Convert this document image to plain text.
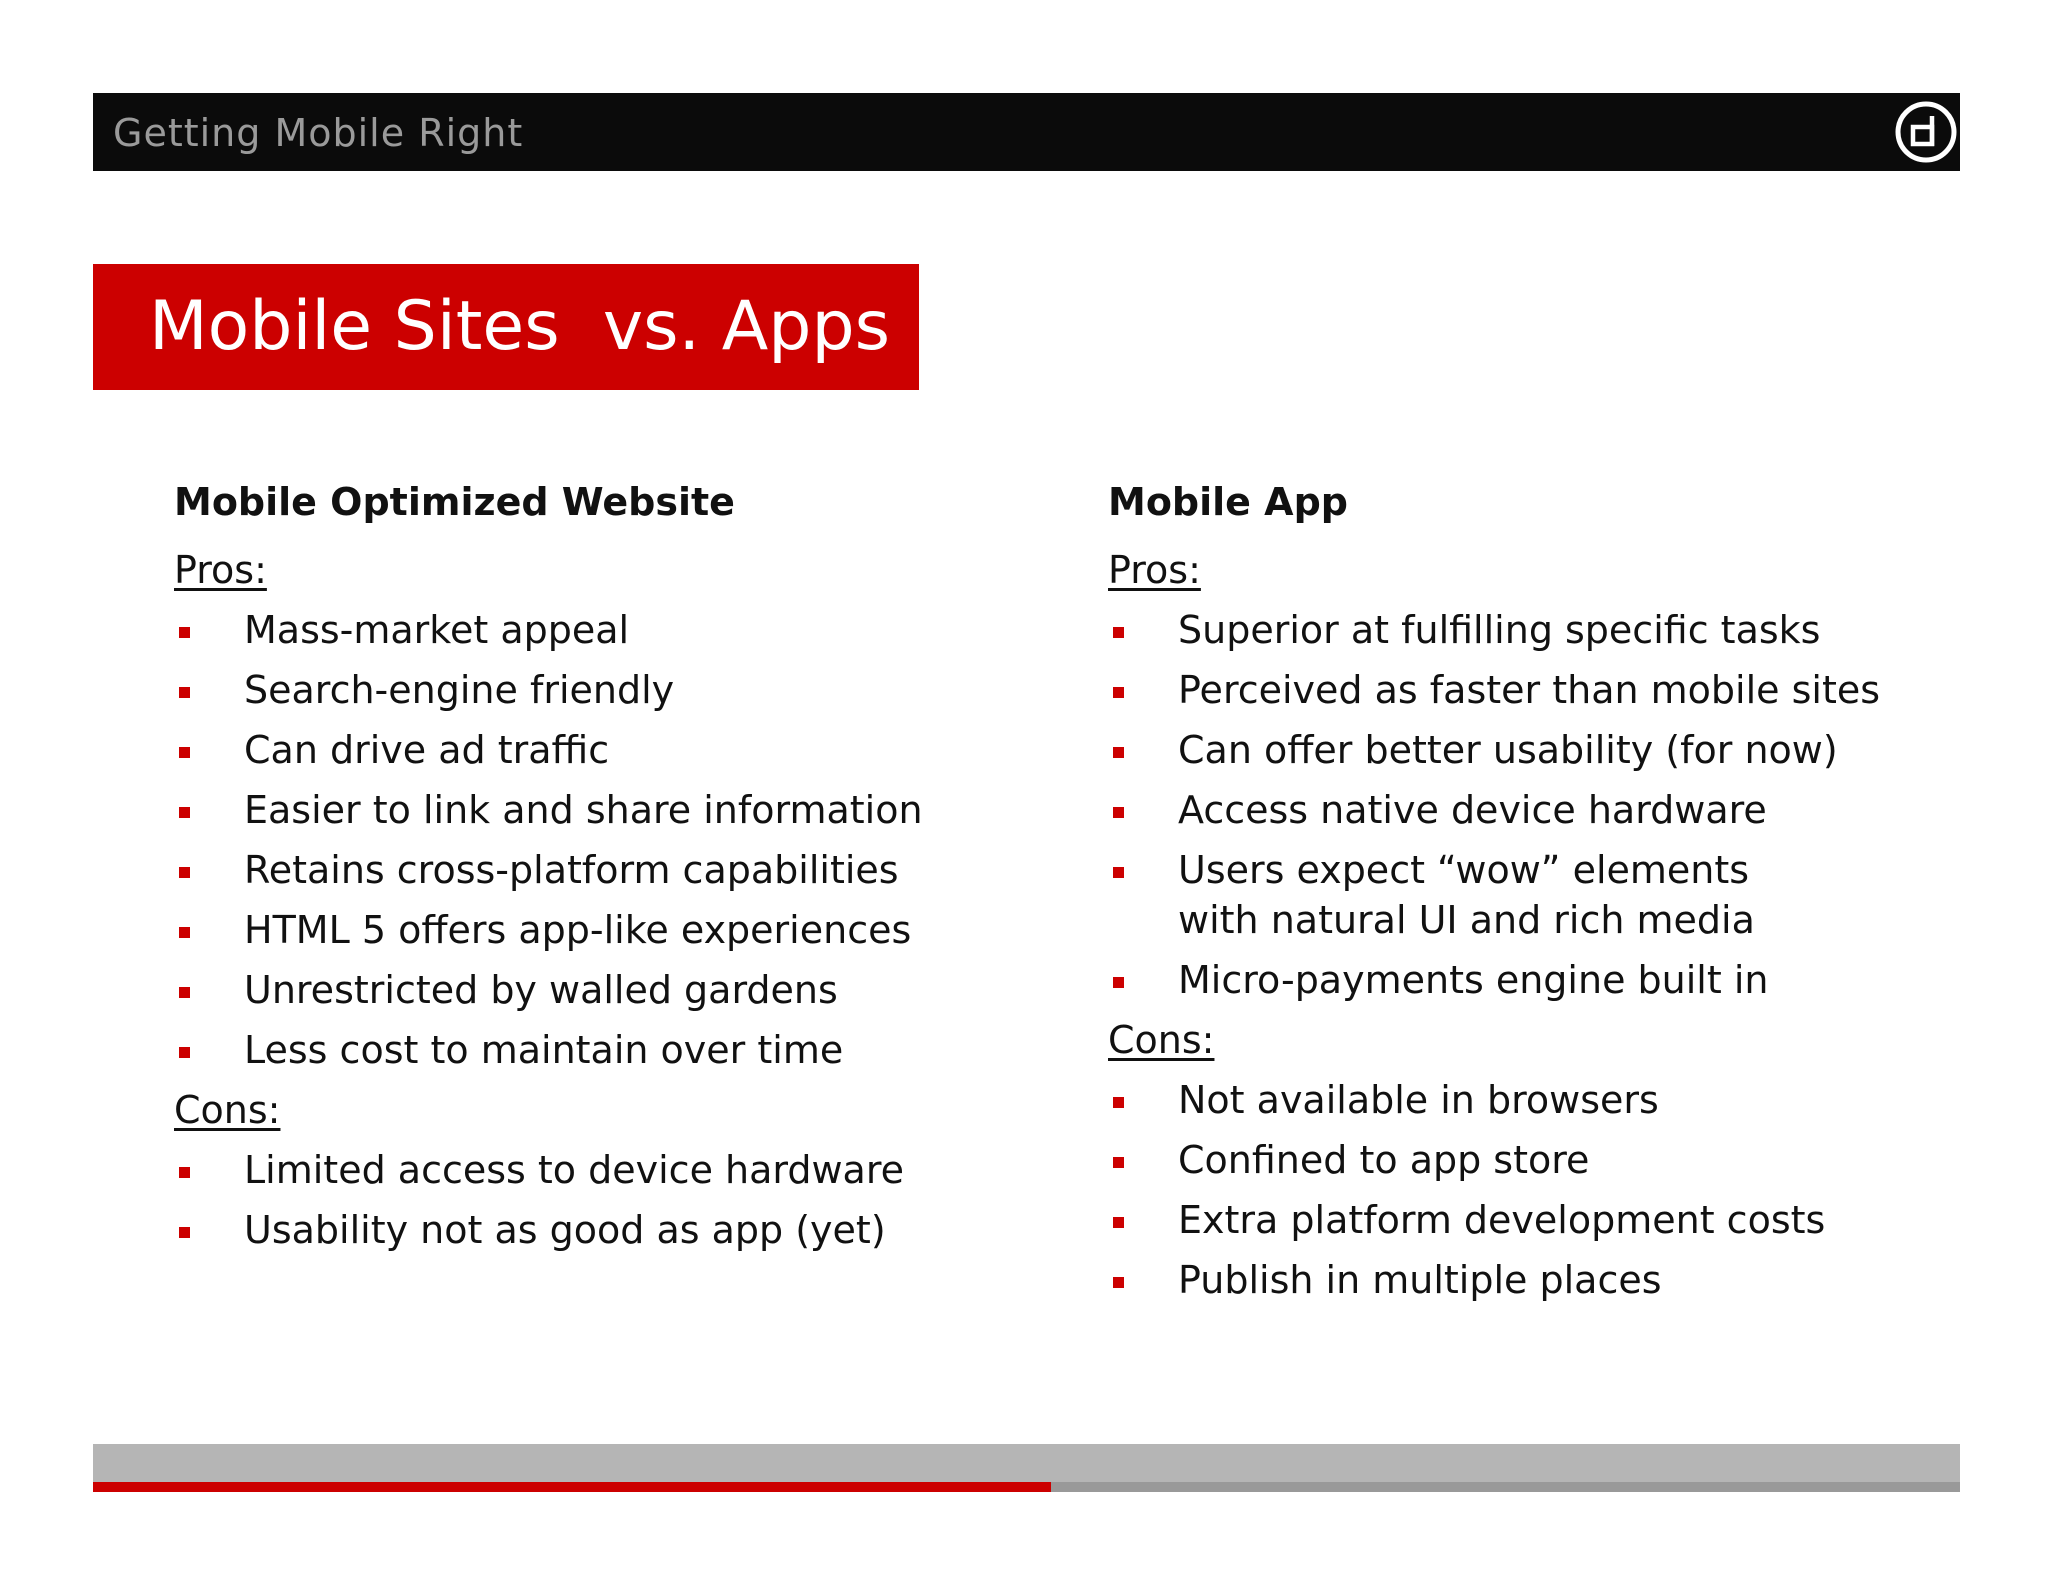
Getting Mobile Right
Mobile Sites  vs. Apps
Mobile Optimized Website
Pros:
Mass-market appeal
Search-engine friendly
Can drive ad traffic
Easier to link and share information
Retains cross-platform capabilities
HTML 5 offers app-like experiences
Unrestricted by walled gardens
Less cost to maintain over time
Cons:
Limited access to device hardware
Usability not as good as app (yet)
Mobile App
Pros:
Superior at fulfilling specific tasks
Perceived as faster than mobile sites
Can offer better usability (for now)
Access native device hardware
Users expect “wow” elements with natural UI and rich media
Micro-payments engine built in
Cons:
Not available in browsers
Confined to app store
Extra platform development costs
Publish in multiple places
